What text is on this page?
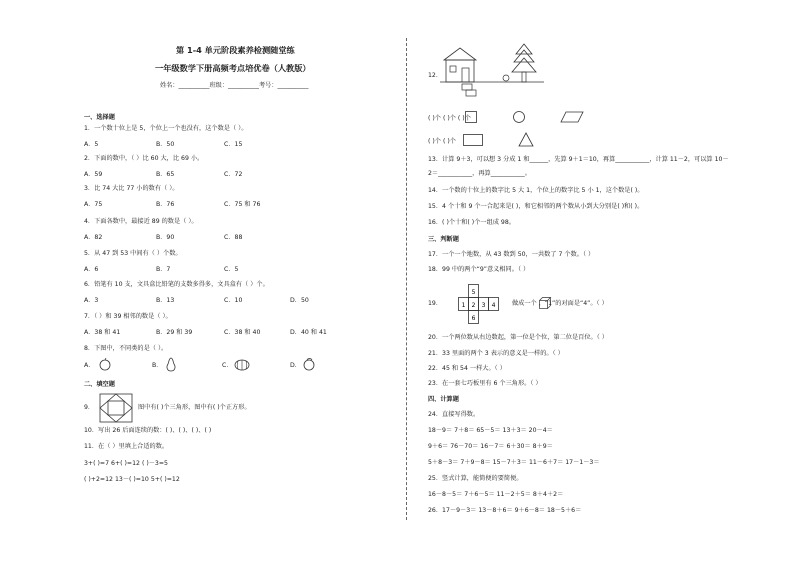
第 1-4 单元阶段素养检测随堂练
一年级数学下册高频考点培优卷（人教版）
姓名：__________班级：__________考号：__________
一、选择题
1．一个数十位上是 5，个位上一个也没有，这个数是（ ）。
A．5	B．50	C．15
2．下面的数中，（ ）比 60 大，比 69 小。
A．59	B．65	C．72
3．比 74 大比 77 小的数有（ ）。
A．75	B．76	C．75 和 76
4．下面各数中，最接近 89 的数是（ ）。
A．82	B．90	C．88
5．从 47 到 53 中间有（ ）个数。
A．6	B．7	C．5
6．铅笔有 10 支，文具盒比铅笔的支数多得多，文具盒有（ ）个。
A．3	B．13	C．10	D．50
7．（ ）和 39 相邻的数是（ ）。
A．38 和 41	B．29 和 39	C．38 和 40	D．40 和 41
8．下图中，不同类的是（ ）。
A．	B．	C．	D．
二、填空题
9．	图中有( )个三角形，图中有( )个正方形。
10．写出 26 后面连续的数：( )、( )、( )、( )
11．在（ ）里填上合适的数。
3+( )=7 6+( )=12 ( )－3=5
( )+2=12 13－( )=10 5+( )=12
12．
( )个 ( )个 ( )个
( )个 ( )个
13．计算 9＋3，可以想 3 分成 1 和______，先算 9＋1＝10，再算___________，计算 11－2，可以算 10－
2＝___________，再算___________。
14．一个数的十位上的数字比 5 大 1，个位上的数字比 5 小 1，这个数是( )。
15．4 个十和 9 个一合起来是( )，和它相邻的两个数从小到大分别是( )和( )。
16．( )个十和( )个一组成 98。
三、判断题
17．一个一个地数，从 43 数到 50，一共数了 7 个数。（ ）
18．99 中的两个“9”意义相同。（ ）
19．
5
1 2 3 4
6
做成一个 ，“1”的对面是“4”。（ ）
20．一个两位数从右边数起，第一位是个位，第二位是百位。（ ）
21．33 里面的两个 3 表示的意义是一样的。（ ）
22．45 和 54 一样大。（ ）
23．在一套七巧板里有 6 个三角形。（ ）
四、计算题
24．直接写得数。
18－9＝ 7＋8＝ 65－5＝ 13＋3＝ 20－4＝
9＋6＝ 76－70＝ 16－7＝ 6＋30＝ 8＋9＝
5＋8－3＝ 7＋9－8＝ 15－7＋3＝ 11－6＋7＝ 17－1－3＝
25．竖式计算，能简便的要简便。
16－8－5＝ 7＋6－5＝ 11－2＋5＝ 8＋4＋2＝
26．17－9－3＝ 13－8＋6＝ 9＋6－8＝ 18－5＋6＝
